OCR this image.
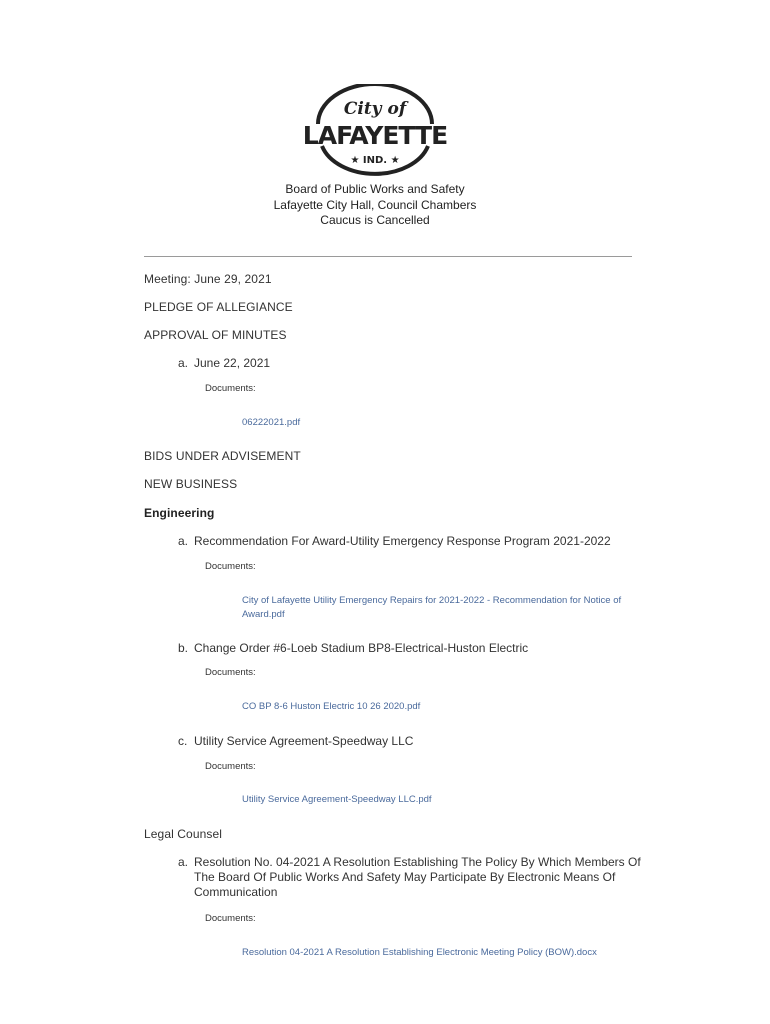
City of
LAFAYETTE
★ IND. ★
Board of Public Works and Safety
Lafayette City Hall, Council Chambers
Caucus is Cancelled
Meeting: June 29, 2021
PLEDGE OF ALLEGIANCE
APPROVAL OF MINUTES
a. June 22, 2021
Documents:
06222021.pdf
BIDS UNDER ADVISEMENT
NEW BUSINESS
Engineering
a. Recommendation For Award-Utility Emergency Response Program 2021-2022
Documents:
City of Lafayette Utility Emergency Repairs for 2021-2022 - Recommendation for Notice of Award.pdf
b. Change Order #6-Loeb Stadium BP8-Electrical-Huston Electric
Documents:
CO BP 8-6 Huston Electric 10 26 2020.pdf
c. Utility Service Agreement-Speedway LLC
Documents:
Utility Service Agreement-Speedway LLC.pdf
Legal Counsel
a. Resolution No. 04-2021 A Resolution Establishing The Policy By Which Members Of The Board Of Public Works And Safety May Participate By Electronic Means Of Communication
Documents:
Resolution 04-2021 A Resolution Establishing Electronic Meeting Policy (BOW).docx
